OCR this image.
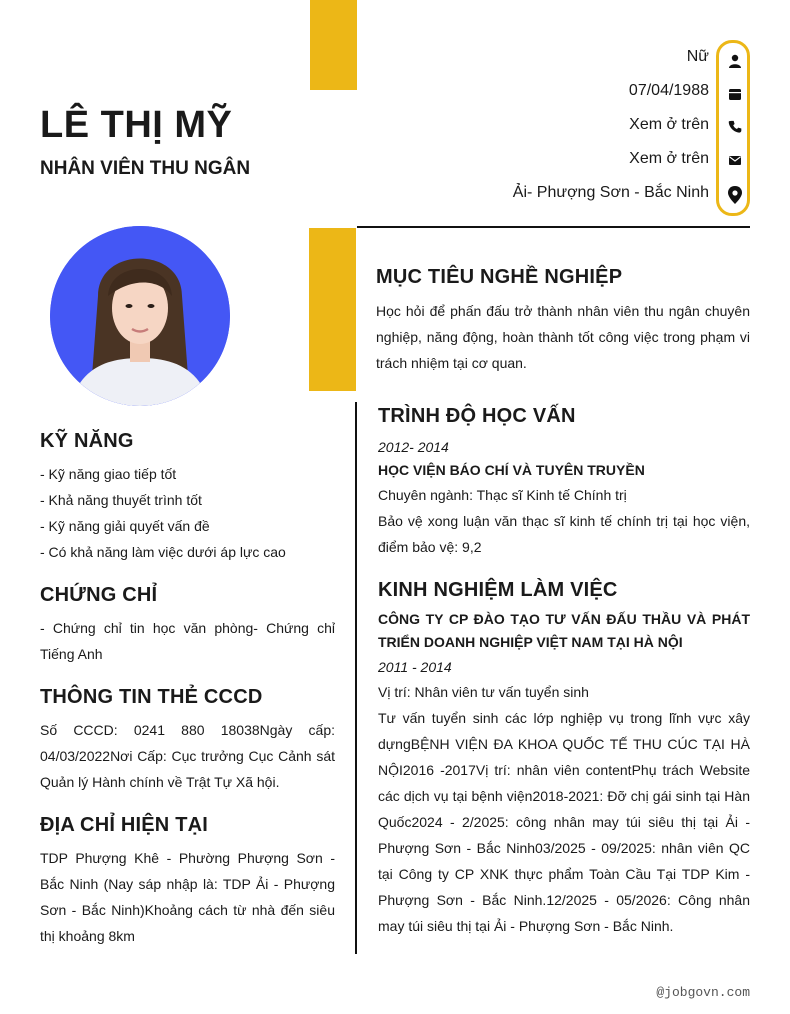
LÊ THỊ MỸ
NHÂN VIÊN THU NGÂN
Nữ
07/04/1988
Xem ở trên
Xem ở trên
Ải- Phượng Sơn - Bắc Ninh
MỤC TIÊU NGHỀ NGHIỆP

Học hỏi để phấn đấu trở thành nhân viên thu ngân chuyên nghiệp, năng động, hoàn thành tốt công việc trong phạm vi trách nhiệm tại cơ quan.

KỸ NĂNG
- Kỹ năng giao tiếp tốt
- Khả năng thuyết trình tốt
- Kỹ năng giải quyết vấn đề
- Có khả năng làm việc dưới áp lực cao
CHỨNG CHỈ

- Chứng chỉ tin học văn phòng- Chứng chỉ Tiếng Anh

THÔNG TIN THẺ CCCD

Số CCCD: 0241 880 18038Ngày cấp: 04/03/2022Nơi Cấp: Cục trưởng Cục Cảnh sát Quản lý Hành chính về Trật Tự Xã hội.

ĐỊA CHỈ HIỆN TẠI

TDP Phượng Khê - Phường Phượng Sơn - Bắc Ninh (Nay sáp nhập là: TDP Ải - Phượng Sơn - Bắc Ninh)Khoảng cách từ nhà đến siêu thị khoảng 8km

TRÌNH ĐỘ HỌC VẤN
2012- 2014
HỌC VIỆN BÁO CHÍ VÀ TUYÊN TRUYỀN
Chuyên ngành: Thạc sĩ Kinh tế Chính trị

Bảo vệ xong luận văn thạc sĩ kinh tế chính trị tại học viện, điểm bảo vệ: 9,2

KINH NGHIỆM LÀM VIỆC

CÔNG TY CP ĐÀO TẠO TƯ VẤN ĐẤU THẦU VÀ PHÁT TRIỂN DOANH NGHIỆP VIỆT NAM TẠI HÀ NỘI

2011 - 2014
Vị trí: Nhân viên tư vấn tuyển sinh

Tư vấn tuyển sinh các lớp nghiệp vụ trong lĩnh vực xây dựngBỆNH VIỆN ĐA KHOA QUỐC TẾ THU CÚC TẠI HÀ NỘI2016 -2017Vị trí: nhân viên contentPhụ trách Website các dịch vụ tại bệnh viện2018-2021: Đỡ chị gái sinh tại Hàn Quốc2024 - 2/2025: công nhân may túi siêu thị tại Ải - Phượng Sơn - Bắc Ninh03/2025 - 09/2025: nhân viên QC tại Công ty CP XNK thực phẩm Toàn Cầu Tại TDP Kim - Phượng Sơn - Bắc Ninh.12/2025 - 05/2026: Công nhân may túi siêu thị tại Ải - Phượng Sơn - Bắc Ninh.

@jobgovn.com
